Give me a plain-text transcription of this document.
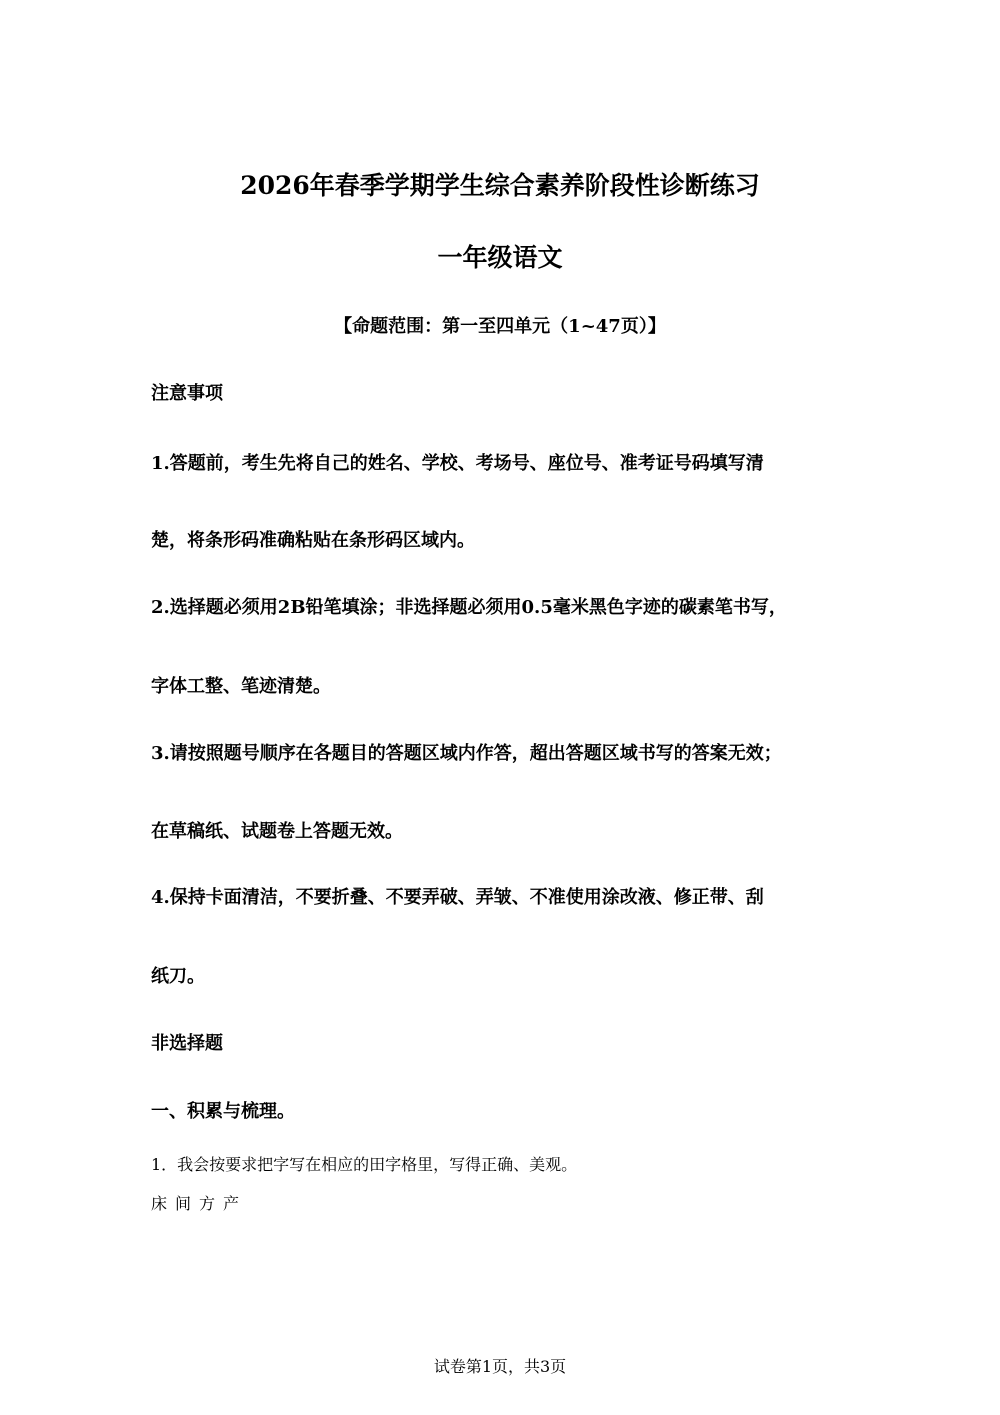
2026年春季学期学生综合素养阶段性诊断练习
一年级语文
【命题范围：第一至四单元（1~47页）】
注意事项
1.答题前，考生先将自己的姓名、学校、考场号、座位号、准考证号码填写清
楚，将条形码准确粘贴在条形码区域内。
2.选择题必须用2B铅笔填涂；非选择题必须用0.5毫米黑色字迹的碳素笔书写，
字体工整、笔迹清楚。
3.请按照题号顺序在各题目的答题区域内作答，超出答题区域书写的答案无效；
在草稿纸、试题卷上答题无效。
4.保持卡面清洁，不要折叠、不要弄破、弄皱、不准使用涂改液、修正带、刮
纸刀。
非选择题
一、积累与梳理。
1．我会按要求把字写在相应的田字格里，写得正确、美观。
床 间 方 产
试卷第1页，共3页
